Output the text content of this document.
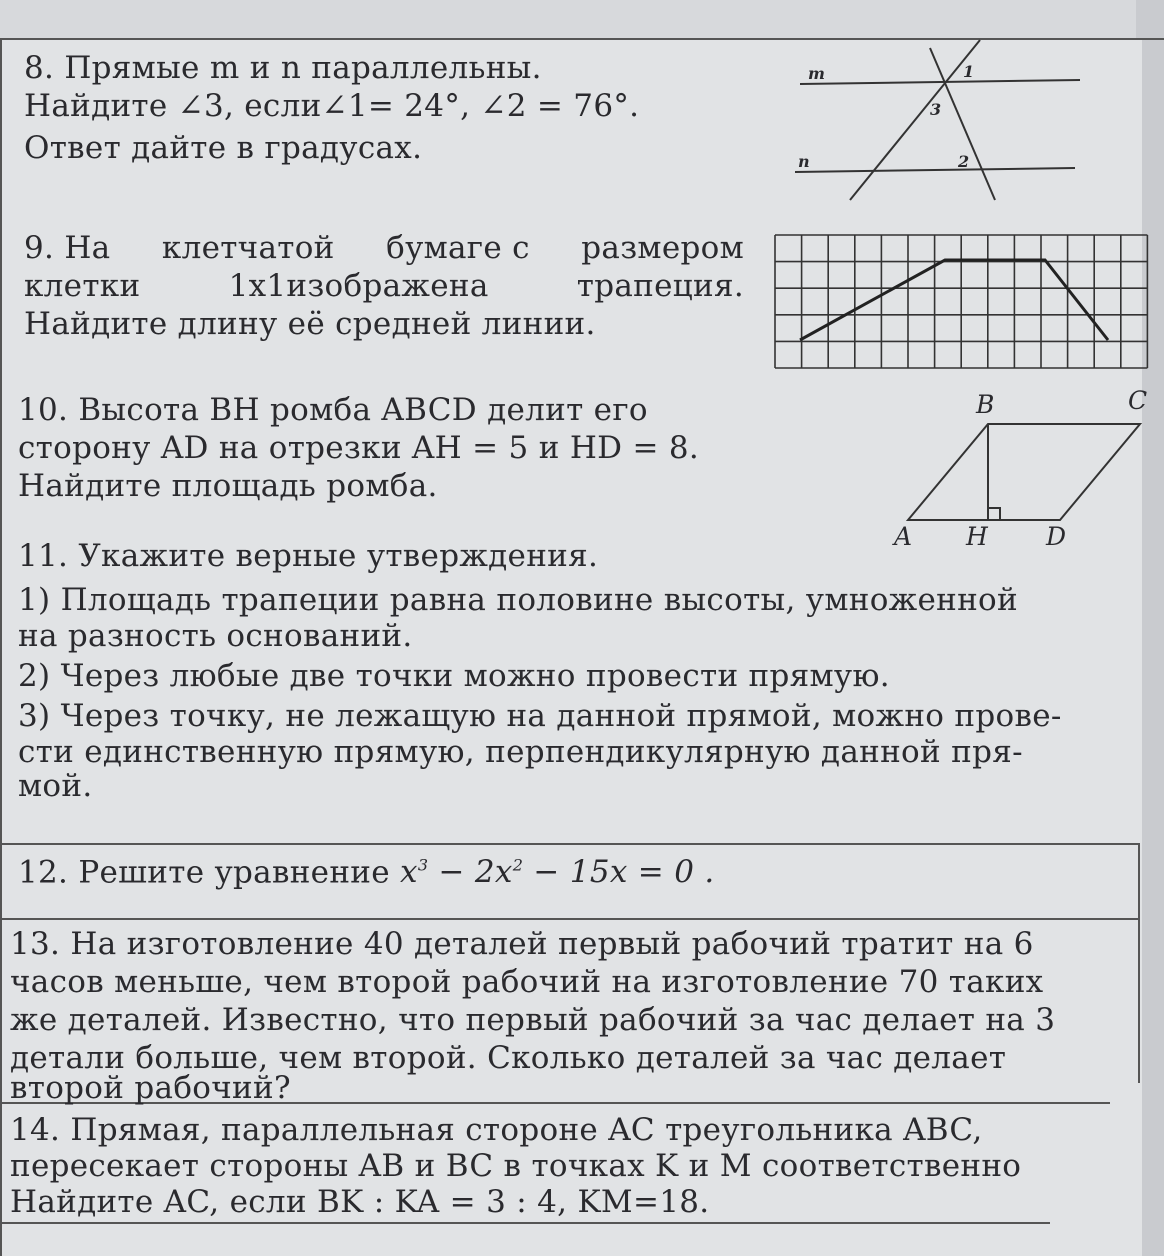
8. Прямые m и n параллельны.
Найдите ∠3, если∠1= 24°, ∠2 = 76°.
Ответ дайте в градусах.
9. На клетчатой бумаге с размером
клетки	1x1изображена	трапеция.
Найдите длину её средней линии.
10. Высота BH ромба ABCD делит его
сторону AD на отрезки AH = 5 и HD = 8.
Найдите площадь ромба.
11. Укажите верные утверждения.
1) Площадь трапеции равна половине высоты, умноженной
на разность оснований.
2) Через любые две точки можно провести прямую.
3) Через точку, не лежащую на данной прямой, можно прове-
сти единственную прямую, перпендикулярную данной пря-
мой.
12. Решите уравнение $x^3 - 2x^2 - 15x = 0$ .
13. На изготовление 40 деталей первый рабочий тратит на 6
часов меньше, чем второй рабочий на изготовление 70 таких
же деталей. Известно, что первый рабочий за час делает на 3
детали больше, чем второй. Сколько деталей за час делает
второй рабочий?
14. Прямая, параллельная стороне AC треугольника ABC,
пересекает стороны AB и BC в точках K и M соответственно
Найдите AC, если BK : KA = 3 : 4, KM=18.
m
n
1
2
3
B	C
A H D
